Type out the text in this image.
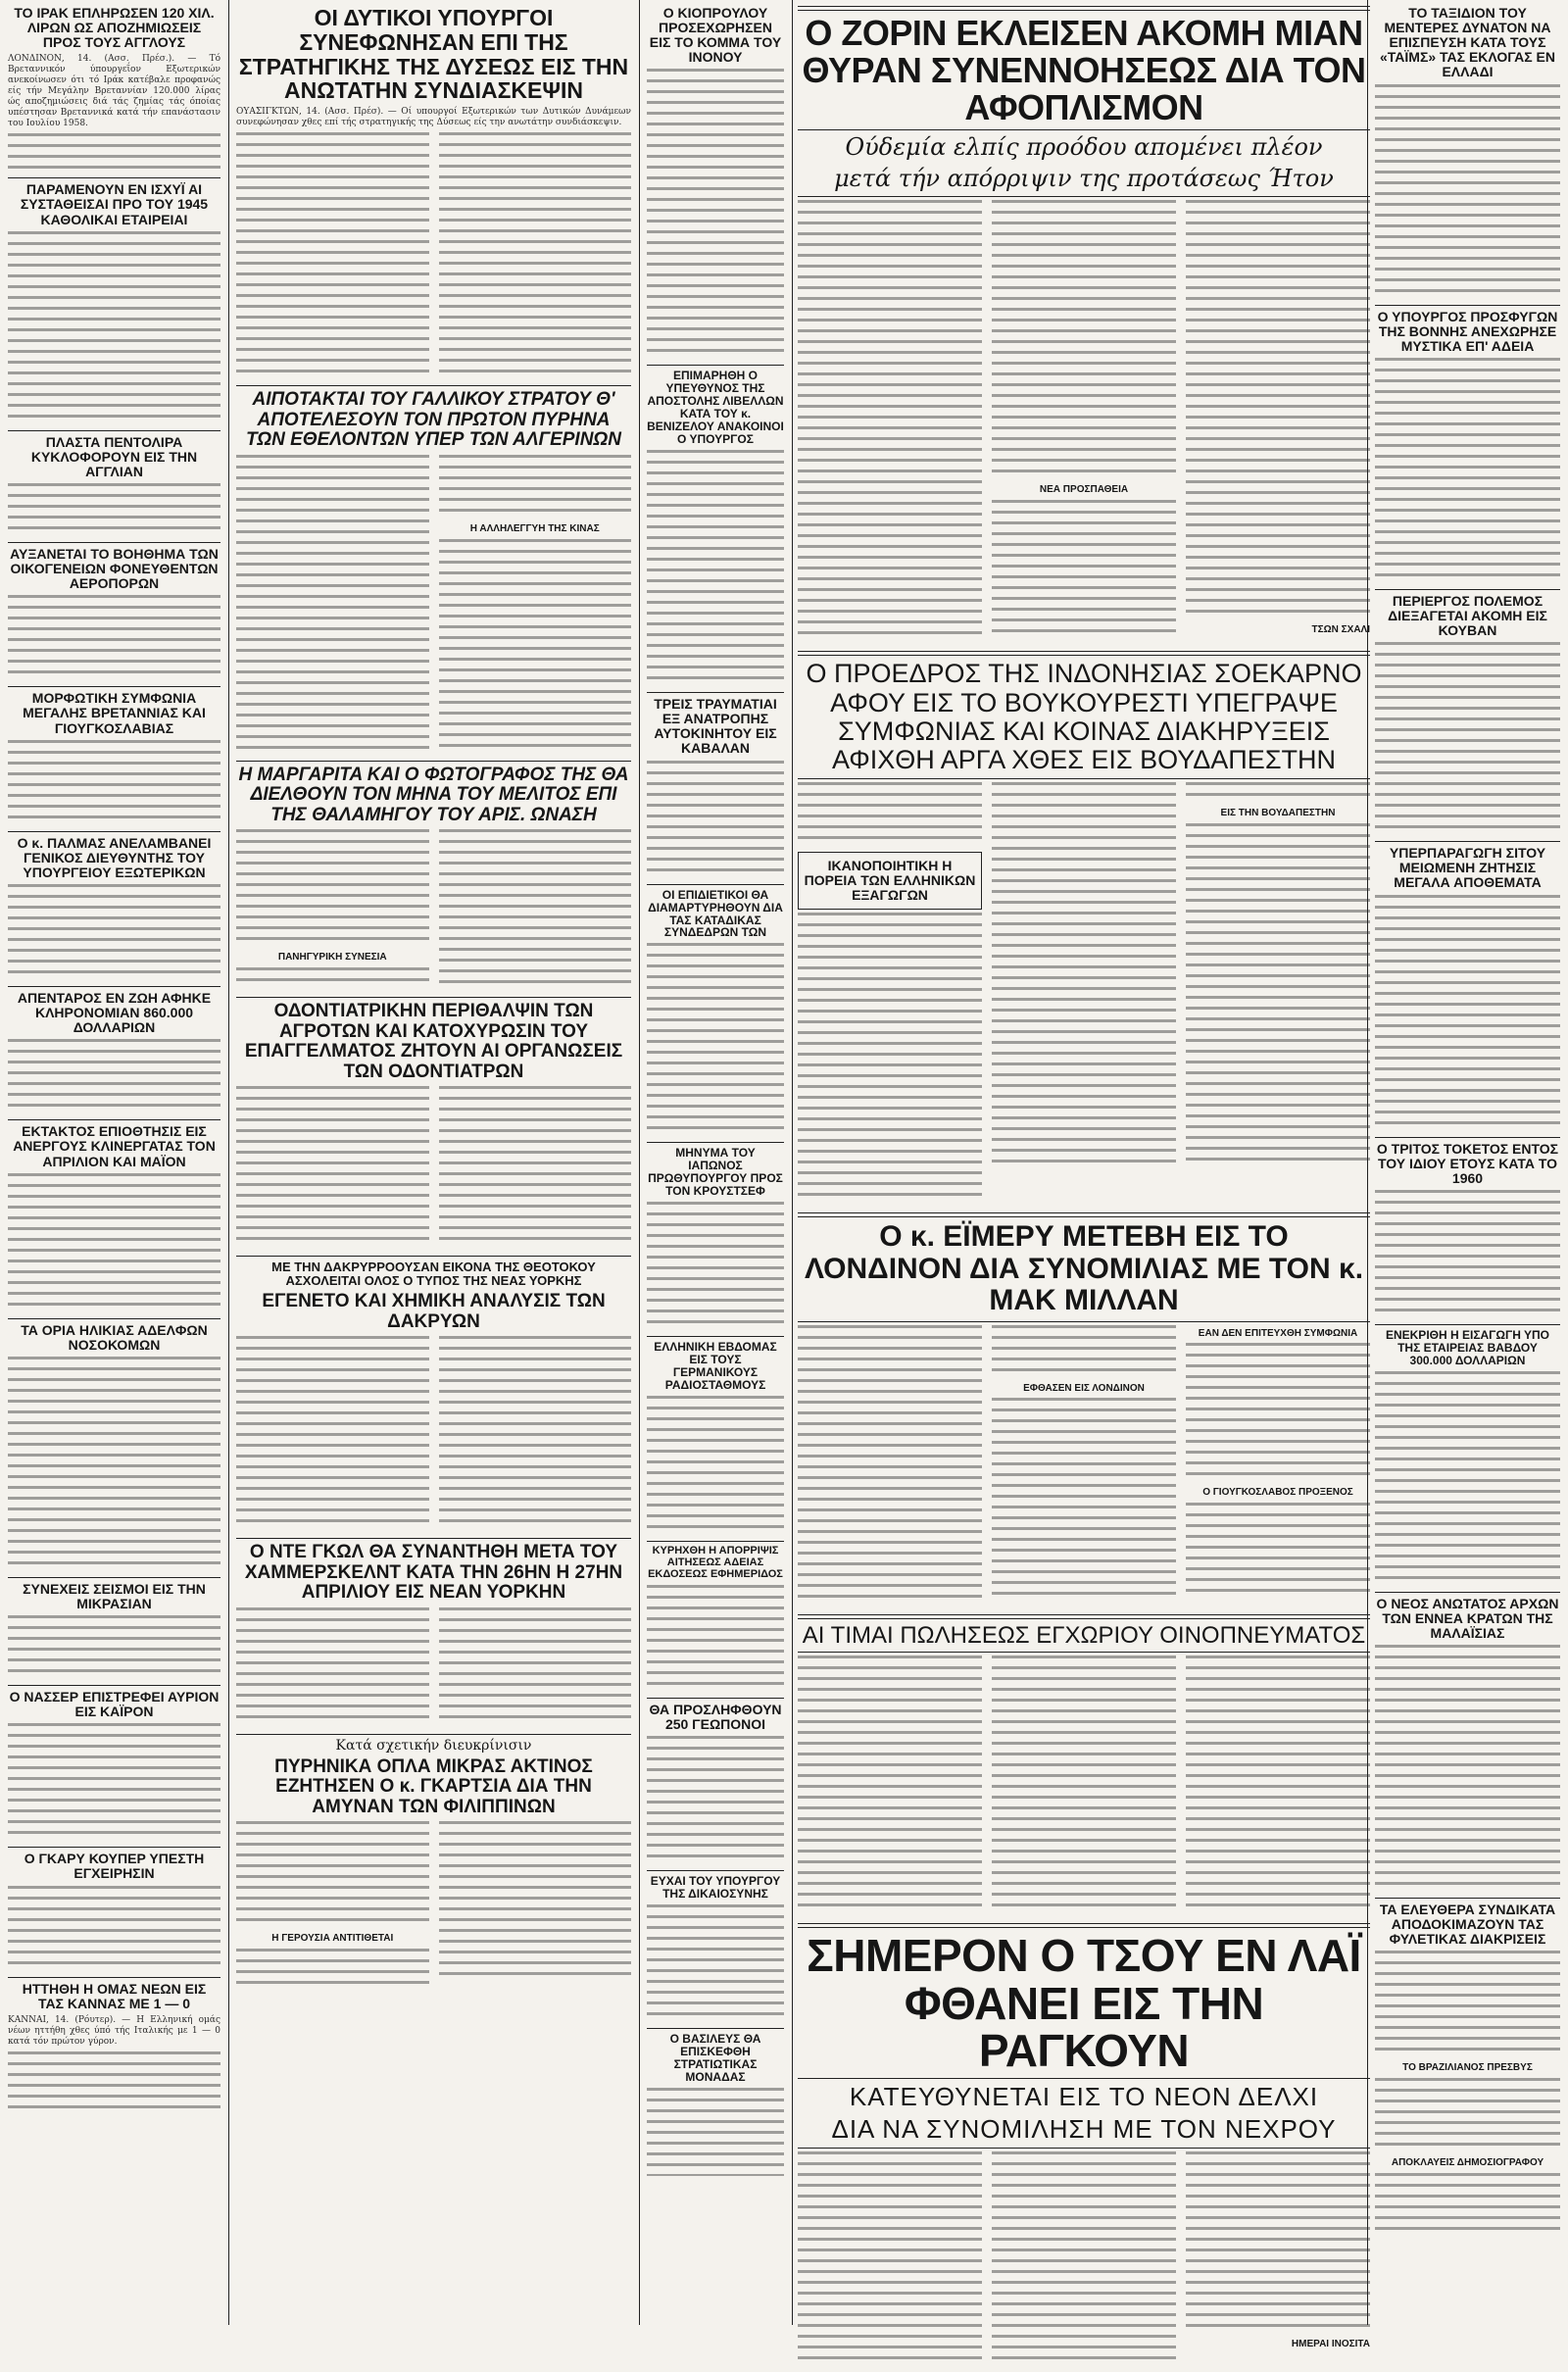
ΤΟ ΙΡΑΚ ΕΠΛΗΡΩΣΕΝ 120 ΧΙΛ. ΛΙΡΩΝ ΩΣ ΑΠΟΖΗΜΙΩΣΕΙΣ ΠΡΟΣ ΤΟΥΣ ΑΓΓΛΟΥΣ
ΛΟΝΔΙΝΟΝ, 14. (Ασσ. Πρέσ.). — Τό Βρεταννικόν ύπουργεΐον Εξωτερικών ανεκοίνωσεν ότι τό Ιράκ κατέβαλε προφανώς είς τήν Μεγάλην Βρεταννίαν 120.000 λίρας ώς αποζημιώσεις διά τάς ζημίας τάς όποίας υπέστησαν Βρεταννικά κατά τήν επανάστασιν του Ιουλίου 1958.
ΠΑΡΑΜΕΝΟΥΝ ΕΝ ΙΣΧΥΪ ΑΙ ΣΥΣΤΑΘΕΙΣΑΙ ΠΡΟ ΤΟΥ 1945 ΚΑΘΟΛΙΚΑΙ ΕΤΑΙΡΕΙΑΙ
ΠΛΑΣΤΑ ΠΕΝΤΟΛΙΡΑ ΚΥΚΛΟΦΟΡΟΥΝ ΕΙΣ ΤΗΝ ΑΓΓΛΙΑΝ
ΑΥΞΑΝΕΤΑΙ ΤΟ ΒΟΗΘΗΜΑ ΤΩΝ ΟΙΚΟΓΕΝΕΙΩΝ ΦΟΝΕΥΘΕΝΤΩΝ ΑΕΡΟΠΟΡΩΝ
ΜΟΡΦΩΤΙΚΗ ΣΥΜΦΩΝΙΑ ΜΕΓΑΛΗΣ ΒΡΕΤΑΝΝΙΑΣ ΚΑΙ ΓΙΟΥΓΚΟΣΛΑΒΙΑΣ
Ο κ. ΠΑΛΜΑΣ ΑΝΕΛΑΜΒΑΝΕΙ ΓΕΝΙΚΟΣ ΔΙΕΥΘΥΝΤΗΣ ΤΟΥ ΥΠΟΥΡΓΕΙΟΥ ΕΞΩΤΕΡΙΚΩΝ
ΑΠΕΝΤΑΡΟΣ ΕΝ ΖΩΗ ΑΦΗΚΕ ΚΛΗΡΟΝΟΜΙΑΝ 860.000 ΔΟΛΛΑΡΙΩΝ
ΕΚΤΑΚΤΟΣ ΕΠΙΟΘΤΗΣΙΣ ΕΙΣ ΑΝΕΡΓΟΥΣ ΚΛΙΝΕΡΓΑΤΑΣ ΤΟΝ ΑΠΡΙΛΙΟΝ ΚΑΙ ΜΑΪΟΝ
ΤΑ ΟΡΙΑ ΗΛΙΚΙΑΣ ΑΔΕΛΦΩΝ ΝΟΣΟΚΟΜΩΝ
ΣΥΝΕΧΕΙΣ ΣΕΙΣΜΟΙ ΕΙΣ ΤΗΝ ΜΙΚΡΑΣΙΑΝ
Ο ΝΑΣΣΕΡ ΕΠΙΣΤΡΕΦΕΙ ΑΥΡΙΟΝ ΕΙΣ ΚΑΪΡΟΝ
Ο ΓΚΑΡΥ ΚΟΥΠΕΡ ΥΠΕΣΤΗ ΕΓΧΕΙΡΗΣΙΝ
ΗΤΤΗΘΗ Η ΟΜΑΣ ΝΕΩΝ ΕΙΣ ΤΑΣ ΚΑΝΝΑΣ ΜΕ 1 — 0
ΚΑΝΝΑΙ, 14. (Ρόυτερ). — Η Ελληνική ομάς νέων ηττήθη χθες ύπό τής Ιταλικής με 1 — 0 κατά τόν πρώτον γύρον.
ΟΙ ΔΥΤΙΚΟΙ ΥΠΟΥΡΓΟΙ ΣΥΝΕΦΩΝΗΣΑΝ ΕΠΙ ΤΗΣ ΣΤΡΑΤΗΓΙΚΗΣ ΤΗΣ ΔΥΣΕΩΣ ΕΙΣ ΤΗΝ ΑΝΩΤΑΤΗΝ ΣΥΝΔΙΑΣΚΕΨΙΝ
ΟΥΑΣΙΓΚΤΩΝ, 14. (Ασσ. Πρέσ). — Οί υπουργοί Εξωτερικών των Δυτικών Δυνάμεων συνεφώνησαν χθες επί τής στρατηγικής της Δύσεως είς την ανωτάτην συνδιάσκεψιν.
ΑΙΠΟΤΑΚΤΑΙ ΤΟΥ ΓΑΛΛΙΚΟΥ ΣΤΡΑΤΟΥ Θ' ΑΠΟΤΕΛΕΣΟΥΝ ΤΟΝ ΠΡΩΤΟΝ ΠΥΡΗΝΑ ΤΩΝ ΕΘΕΛΟΝΤΩΝ ΥΠΕΡ ΤΩΝ ΑΛΓΕΡΙΝΩΝ
Η ΑΛΛΗΛΕΓΓΥΗ ΤΗΣ ΚΙΝΑΣ
Η ΜΑΡΓΑΡΙΤΑ ΚΑΙ Ο ΦΩΤΟΓΡΑΦΟΣ ΤΗΣ ΘΑ ΔΙΕΛΘΟΥΝ ΤΟΝ ΜΗΝΑ ΤΟΥ ΜΕΛΙΤΟΣ ΕΠΙ ΤΗΣ ΘΑΛΑΜΗΓΟΥ ΤΟΥ ΑΡΙΣ. ΩΝΑΣΗ
ΠΑΝΗΓΥΡΙΚΗ ΣΥΝΕΣΙΑ
ΟΔΟΝΤΙΑΤΡΙΚΗΝ ΠΕΡΙΘΑΛΨΙΝ ΤΩΝ ΑΓΡΟΤΩΝ ΚΑΙ ΚΑΤΟΧΥΡΩΣΙΝ ΤΟΥ ΕΠΑΓΓΕΛΜΑΤΟΣ ΖΗΤΟΥΝ ΑΙ ΟΡΓΑΝΩΣΕΙΣ ΤΩΝ ΟΔΟΝΤΙΑΤΡΩΝ
ΜΕ ΤΗΝ ΔΑΚΡΥΡΡΟΟΥΣΑΝ ΕΙΚΟΝΑ ΤΗΣ ΘΕΟΤΟΚΟΥ ΑΣΧΟΛΕΙΤΑΙ ΟΛΟΣ Ο ΤΥΠΟΣ ΤΗΣ ΝΕΑΣ ΥΟΡΚΗΣ
ΕΓΕΝΕΤΟ ΚΑΙ ΧΗΜΙΚΗ ΑΝΑΛΥΣΙΣ ΤΩΝ ΔΑΚΡΥΩΝ
Ο ΝΤΕ ΓΚΩΛ ΘΑ ΣΥΝΑΝΤΗΘΗ ΜΕΤΑ ΤΟΥ ΧΑΜΜΕΡΣΚΕΛΝΤ ΚΑΤΑ ΤΗΝ 26ΗΝ Η 27ΗΝ ΑΠΡΙΛΙΟΥ ΕΙΣ ΝΕΑΝ ΥΟΡΚΗΝ
Κατά σχετικήν διευκρίνισιν
ΠΥΡΗΝΙΚΑ ΟΠΛΑ ΜΙΚΡΑΣ ΑΚΤΙΝΟΣ ΕΖΗΤΗΣΕΝ Ο κ. ΓΚΑΡΤΣΙΑ ΔΙΑ ΤΗΝ ΑΜΥΝΑΝ ΤΩΝ ΦΙΛΙΠΠΙΝΩΝ
Η ΓΕΡΟΥΣΙΑ ΑΝΤΙΤΙΘΕΤΑΙ
Ο ΚΙΟΠΡΟΥΛΟΥ ΠΡΟΣΕΧΩΡΗΣΕΝ ΕΙΣ ΤΟ ΚΟΜΜΑ ΤΟΥ ΙΝΟΝΟΥ
ΕΠΙΜΑΡΗΘΗ Ο ΥΠΕΥΘΥΝΟΣ ΤΗΣ ΑΠΟΣΤΟΛΗΣ ΛΙΒΕΛΛΩΝ ΚΑΤΑ ΤΟΥ κ. ΒΕΝΙΖΕΛΟΥ ΑΝΑΚΟΙΝΟΙ Ο ΥΠΟΥΡΓΟΣ
ΤΡΕΙΣ ΤΡΑΥΜΑΤΙΑΙ ΕΞ ΑΝΑΤΡΟΠΗΣ ΑΥΤΟΚΙΝΗΤΟΥ ΕΙΣ ΚΑΒΑΛΑΝ
ΟΙ ΕΠΙΔΙΕΤΙΚΟΙ ΘΑ ΔΙΑΜΑΡΤΥΡΗΘΟΥΝ ΔΙΑ ΤΑΣ ΚΑΤΑΔΙΚΑΣ ΣΥΝΔΕΔΡΩΝ ΤΩΝ
ΜΗΝΥΜΑ ΤΟΥ ΙΑΠΩΝΟΣ ΠΡΩΘΥΠΟΥΡΓΟΥ ΠΡΟΣ ΤΟΝ ΚΡΟΥΣΤΣΕΦ
ΕΛΛΗΝΙΚΗ ΕΒΔΟΜΑΣ ΕΙΣ ΤΟΥΣ ΓΕΡΜΑΝΙΚΟΥΣ ΡΑΔΙΟΣΤΑΘΜΟΥΣ
ΚΥΡΗΧΘΗ Η ΑΠΟΡΡΙΨΙΣ ΑΙΤΗΣΕΩΣ ΑΔΕΙΑΣ ΕΚΔΟΣΕΩΣ ΕΦΗΜΕΡΙΔΟΣ
ΘΑ ΠΡΟΣΛΗΦΘΟΥΝ 250 ΓΕΩΠΟΝΟΙ
ΕΥΧΑΙ ΤΟΥ ΥΠΟΥΡΓΟΥ ΤΗΣ ΔΙΚΑΙΟΣΥΝΗΣ
Ο ΒΑΣΙΛΕΥΣ ΘΑ ΕΠΙΣΚΕΦΘΗ ΣΤΡΑΤΙΩΤΙΚΑΣ ΜΟΝΑΔΑΣ
Ο ΖΟΡΙΝ ΕΚΛΕΙΣΕΝ ΑΚΟΜΗ ΜΙΑΝ ΘΥΡΑΝ ΣΥΝΕΝΝΟΗΣΕΩΣ ΔΙΑ ΤΟΝ ΑΦΟΠΛΙΣΜΟΝ
Ούδεμία ελπίς προόδου απομένει πλέον
μετά τήν απόρριψιν της προτάσεως Ήτον
ΝΕΑ ΠΡΟΣΠΑΘΕΙΑ
ΤΣΩΝ ΣΧΑΛΙ
Ο ΠΡΟΕΔΡΟΣ ΤΗΣ ΙΝΔΟΝΗΣΙΑΣ ΣΟΕΚΑΡΝΟ ΑΦΟΥ ΕΙΣ ΤΟ ΒΟΥΚΟΥΡΕΣΤΙ ΥΠΕΓΡΑΨΕ ΣΥΜΦΩΝΙΑΣ ΚΑΙ ΚΟΙΝΑΣ ΔΙΑΚΗΡΥΞΕΙΣ ΑΦΙΧΘΗ ΑΡΓΑ ΧΘΕΣ ΕΙΣ ΒΟΥΔΑΠΕΣΤΗΝ
ΙΚΑΝΟΠΟΙΗΤΙΚΗ Η ΠΟΡΕΙΑ ΤΩΝ ΕΛΛΗΝΙΚΩΝ ΕΞΑΓΩΓΩΝ
ΕΙΣ ΤΗΝ ΒΟΥΔΑΠΕΣΤΗΝ
Ο κ. ΕΪΜΕΡΥ ΜΕΤΕΒΗ ΕΙΣ ΤΟ ΛΟΝΔΙΝΟΝ ΔΙΑ ΣΥΝΟΜΙΛΙΑΣ ΜΕ ΤΟΝ κ. ΜΑΚ ΜΙΛΛΑΝ
ΕΦΘΑΣΕΝ ΕΙΣ ΛΟΝΔΙΝΟΝ
ΕΑΝ ΔΕΝ ΕΠΙΤΕΥΧΘΗ ΣΥΜΦΩΝΙΑ
Ο ΓΙΟΥΓΚΟΣΛΑΒΟΣ ΠΡΟΞΕΝΟΣ
ΑΙ ΤΙΜΑΙ ΠΩΛΗΣΕΩΣ ΕΓΧΩΡΙΟΥ ΟΙΝΟΠΝΕΥΜΑΤΟΣ
ΣΗΜΕΡΟΝ Ο ΤΣΟΥ ΕΝ ΛΑΪ ΦΘΑΝΕΙ ΕΙΣ ΤΗΝ ΡΑΓΚΟΥΝ
ΚΑΤΕΥΘΥΝΕΤΑΙ ΕΙΣ ΤΟ ΝΕΟΝ ΔΕΛΧΙ
ΔΙΑ ΝΑ ΣΥΝΟΜΙΛΗΣΗ ΜΕ ΤΟΝ ΝΕΧΡΟΥ
ΗΜΕΡΑΙ ΙΝΟΣΙΤΑ
ΤΟ ΤΑΞΙΔΙΟΝ ΤΟΥ ΜΕΝΤΕΡΕΣ ΔΥΝΑΤΟΝ ΝΑ ΕΠΙΣΠΕΥΣΗ ΚΑΤΑ ΤΟΥΣ «ΤΑΪΜΣ» ΤΑΣ ΕΚΛΟΓΑΣ ΕΝ ΕΛΛΑΔΙ
Ο ΥΠΟΥΡΓΟΣ ΠΡΟΣΦΥΓΩΝ ΤΗΣ ΒΟΝΝΗΣ ΑΝΕΧΩΡΗΣΕ ΜΥΣΤΙΚΑ ΕΠ' ΑΔΕΙΑ
ΠΕΡΙΕΡΓΟΣ ΠΟΛΕΜΟΣ ΔΙΕΞΑΓΕΤΑΙ ΑΚΟΜΗ ΕΙΣ ΚΟΥΒΑΝ
ΥΠΕΡΠΑΡΑΓΩΓΗ ΣΙΤΟΥ ΜΕΙΩΜΕΝΗ ΖΗΤΗΣΙΣ ΜΕΓΑΛΑ ΑΠΟΘΕΜΑΤΑ
Ο ΤΡΙΤΟΣ ΤΟΚΕΤΟΣ ΕΝΤΟΣ ΤΟΥ ΙΔΙΟΥ ΕΤΟΥΣ ΚΑΤΑ ΤΟ 1960
ΕΝΕΚΡΙΘΗ Η ΕΙΣΑΓΩΓΗ ΥΠΟ ΤΗΣ ΕΤΑΙΡΕΙΑΣ ΒΑΒΔΟΥ 300.000 ΔΟΛΛΑΡΙΩΝ
Ο ΝΕΟΣ ΑΝΩΤΑΤΟΣ ΑΡΧΩΝ ΤΩΝ ΕΝΝΕΑ ΚΡΑΤΩΝ ΤΗΣ ΜΑΛΑΪΣΙΑΣ
ΤΑ ΕΛΕΥΘΕΡΑ ΣΥΝΔΙΚΑΤΑ ΑΠΟΔΟΚΙΜΑΖΟΥΝ ΤΑΣ ΦΥΛΕΤΙΚΑΣ ΔΙΑΚΡΙΣΕΙΣ
ΤΟ ΒΡΑΖΙΛΙΑΝΟΣ ΠΡΕΣΒΥΣ
ΑΠΟΚΛΑΥΕΙΣ ΔΗΜΟΣΙΟΓΡΑΦΟΥ
